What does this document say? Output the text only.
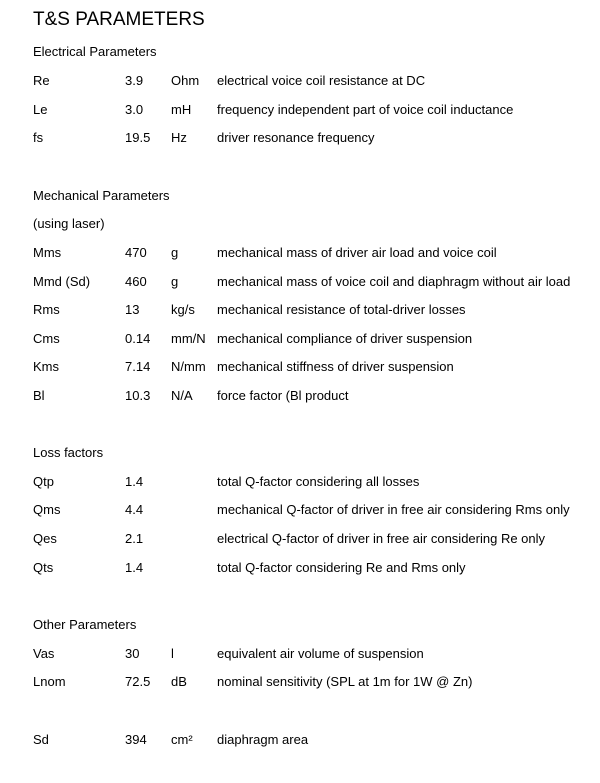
T&S PARAMETERS
Electrical Parameters
Re	3.9 Ohm electrical voice coil resistance at DC
Le	3.0 mH frequency independent part of voice coil inductance
fs	19.5 Hz driver resonance frequency
Mechanical Parameters
(using laser)
Mms	470 g	mechanical mass of driver air load and voice coil
Mmd (Sd)	460 g	mechanical mass of voice coil and diaphragm without air load
Rms	13 kg/s mechanical resistance of total-driver losses
Cms	0.14 mm/N mechanical compliance of driver suspension
Kms	7.14 N/mm mechanical stiffness of driver suspension
Bl	10.3 N/A force factor (Bl product
Loss factors
Qtp	1.4	total Q-factor considering all losses
Qms	4.4	mechanical Q-factor of driver in free air considering Rms only
Qes	2.1	electrical Q-factor of driver in free air considering Re only
Qts	1.4	total Q-factor considering Re and Rms only
Other Parameters
Vas	30 l	equivalent air volume of suspension
Lnom	72.5 dB nominal sensitivity (SPL at 1m for 1W @ Zn)
Sd	394 cm² diaphragm area
